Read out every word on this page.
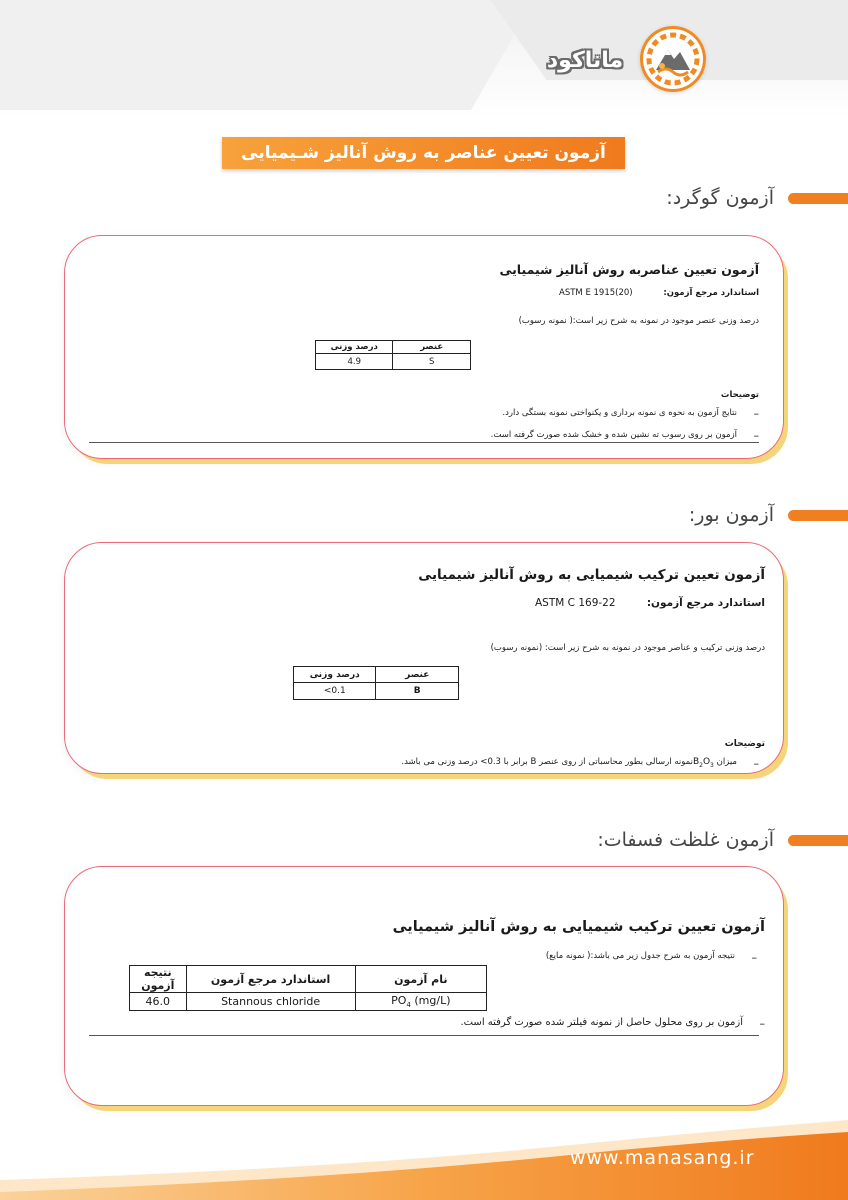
ماناکود
آزمون تعیین عناصر به روش آنالیز شـیمیایی
آزمون گوگرد:
آزمون تعیین عناصربه روش آنالیز شیمیایی
استاندارد مرجع آزمون:
ASTM E 1915(20)
درصد وزنی عنصر موجود در نمونه به شرح زیر است:( نمونه رسوب)
درصد وزنی	عنصر
4.9	S
توضیحات
–
نتایج آزمون به نحوه ی نمونه برداری و یکنواختی نمونه بستگی دارد.
–
آزمون بر روی رسوب ته نشین شده و خشک شده صورت گرفته است.
آزمون بور:
آزمون تعیین ترکیب شیمیایی به روش آنالیز شیمیایی
استاندارد مرجع آزمون:
ASTM C 169-22
درصد وزنی ترکیب و عناصر موجود در نمونه به شرح زیر است: (نمونه رسوب)
درصد وزنی	عنصر
<0.1	B
توضیحات
–
میزان $B_2O_3نمونه$ ارسالی بطور محاسباتی از روی عنصر B برابر با 0.3> درصد وزنی می باشد.
آزمون غلظت فسفات:
آزمون تعیین ترکیب شیمیایی به روش آنالیز شیمیایی
–
نتیجه آزمون به شرح جدول زیر می باشد:( نمونه مایع)
نتیجه آزمون	استاندارد مرجع آزمون	نام آزمون
46.0	Stannous chloride	$PO_4$ (mg/L)
–
آزمون بر روی محلول حاصل از نمونه فیلتر شده صورت گرفته است.
www.manasang.ir
